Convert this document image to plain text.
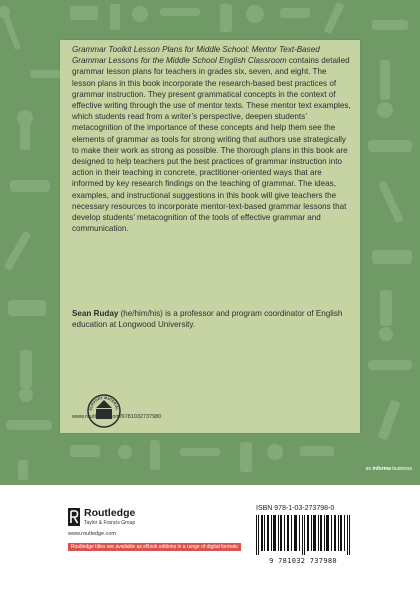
Grammar Toolkit Lesson Plans for Middle School: Mentor Text-Based Grammar Lessons for the Middle School English Classroom contains detailed grammar lesson plans for teachers in grades six, seven, and eight. The lesson plans in this book incorporate the research-based best practices of grammar instruction. They present grammatical concepts in the context of effective writing through the use of mentor texts. These mentor text examples, which students read from a writer’s perspective, deepen students’ metacognition of the importance of these concepts and help them see the elements of grammar as tools for strong writing that authors use strategically to make their work as strong as possible. The thorough plans in this book are designed to help teachers put the best practices of grammar instruction into action in their teaching in concrete, practitioner-oriented ways that are informed by key research findings on the teaching of grammar. The ideas, examples, and instructional suggestions in this book will give teachers the necessary resources to incorporate mentor-text-based grammar lessons that develop students’ metacognition of the tools of effective grammar and communication.

Sean Ruday (he/him/his) is a professor and program coordinator of English education at Longwood University.

SUPPORT MATERIAL
www.routledge.com/9781032737980
an informa business
Routledge
Taylor & Francis Group
www.routledge.com
Routledge titles are available as eBook editions in a range of digital formats
ISBN 978-1-03-273798-0
9 781032 737980
